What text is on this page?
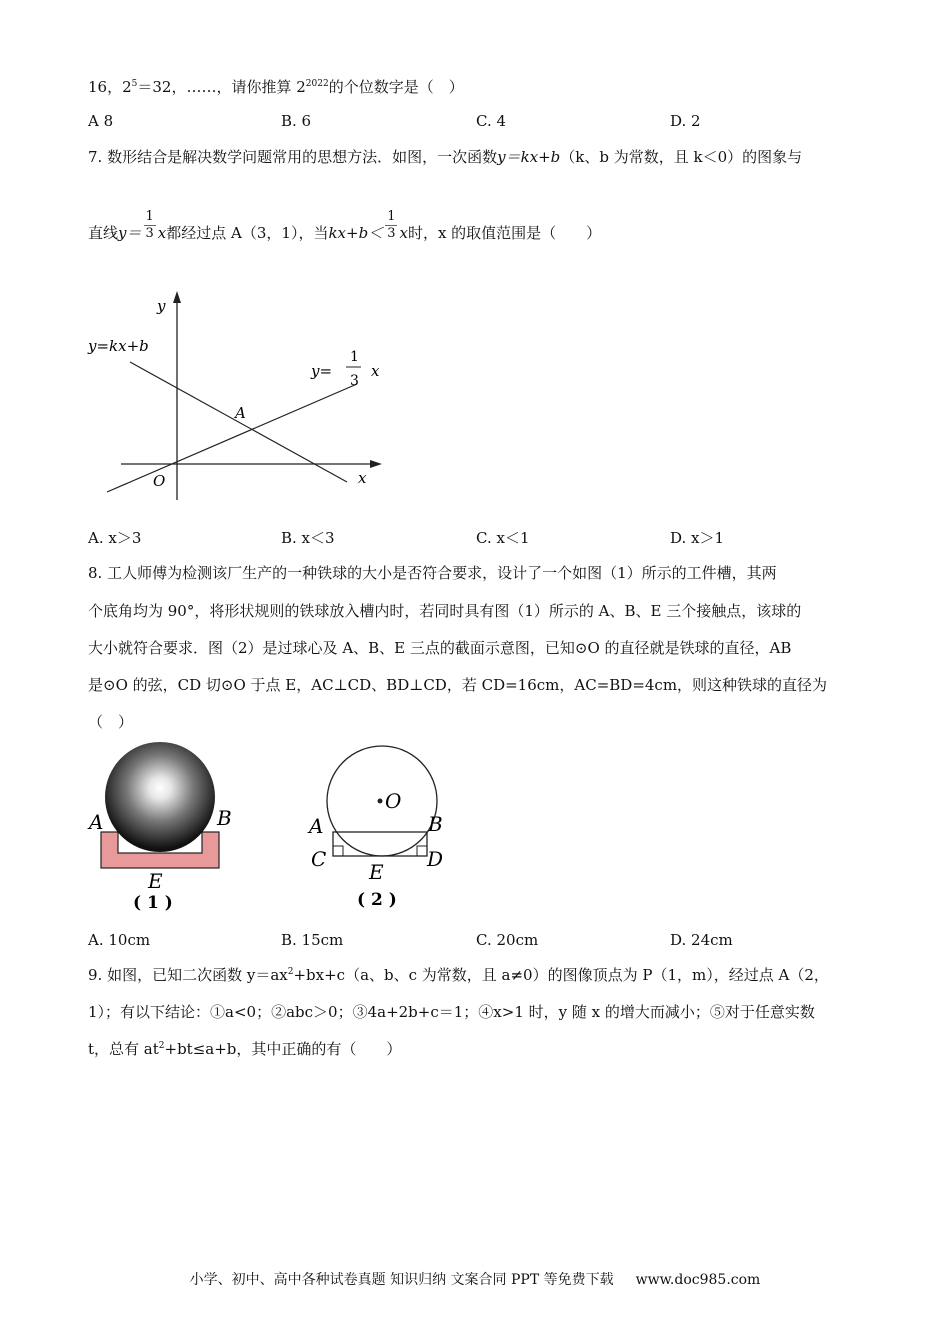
16，$2^5=32$，……，请你推算 $2^{2022}$的个位数字是（　）
A 8	B. 6	C. 4	D. 2
7. 数形结合是解决数学问题常用的思想方法．如图，一次函数y＝kx+b（k、b 为常数，且 k＜0）的图象与
直线$y= \frac{1}{3}$ x都经过点 A（3，1），当$kx+b< \frac{1}{3}$ x时，x 的取值范围是（　　）
y
x
O
y=kx+b
y=
1
3
x
A
A. x＞3	B. x＜3	C. x＜1	D. x＞1
8. 工人师傅为检测该厂生产的一种铁球的大小是否符合要求，设计了一个如图（1）所示的工件槽，其两
个底角均为 90°，将形状规则的铁球放入槽内时，若同时具有图（1）所示的 A、B、E 三个接触点，该球的
大小就符合要求．图（2）是过球心及 A、B、E 三点的截面示意图，已知⊙O 的直径就是铁球的直径，AB
是⊙O 的弦，CD 切⊙O 于点 E，AC⊥CD、BD⊥CD，若 CD=16cm，AC=BD=4cm，则这种铁球的直径为
（　）
A	B
E
( 1 )
O
A	B
C	D
E
( 2 )
A. 10cm	B. 15cm	C. 20cm	D. 24cm
9. 如图，已知二次函数 $y=ax^2+bx+c(a$、b、c 为常数，且 a≠0）的图像顶点为 P（1，m），经过点 A（2，
1）；有以下结论：①a<0；②abc＞0；③4a+2b+c＝1；④x>1 时，y 随 x 的增大而减小；⑤对于任意实数
t，总有 $at^2+bt\le a+b$，其中正确的有（　　）
小学、初中、高中各种试卷真题 知识归纳 文案合同 PPT 等免费下载 www.doc985.com
